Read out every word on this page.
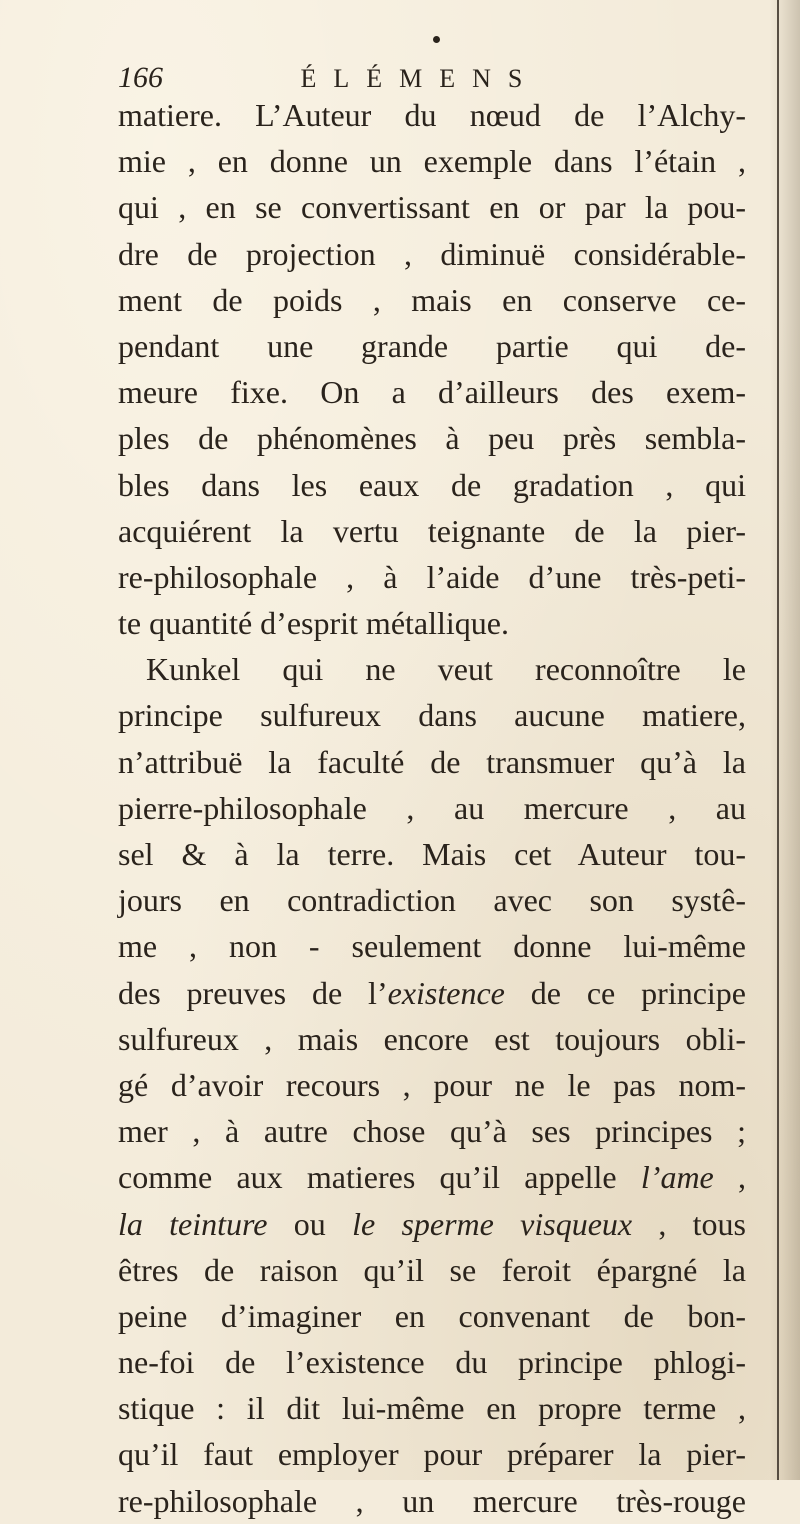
166	ÉLÉMENS
matiere. L’Auteur du nœud de l’Alchy-
mie , en donne un exemple dans l’étain ,
qui , en se convertissant en or par la pou-
dre de projection , diminuë considérable-
ment de poids , mais en conserve ce-
pendant une grande partie qui de-
meure fixe. On a d’ailleurs des exem-
ples de phénomènes à peu près sembla-
bles dans les eaux de gradation , qui
acquiérent la vertu teignante de la pier-
re-philosophale , à l’aide d’une très-peti-
te quantité d’esprit métallique.
Kunkel qui ne veut reconnoître le
principe sulfureux dans aucune matiere,
n’attribuë la faculté de transmuer qu’à la
pierre-philosophale , au mercure , au
sel & à la terre. Mais cet Auteur tou-
jours en contradiction avec son systê-
me , non - seulement donne lui-même
des preuves de l’existence de ce principe
sulfureux , mais encore est toujours obli-
gé d’avoir recours , pour ne le pas nom-
mer , à autre chose qu’à ses principes ;
comme aux matieres qu’il appelle l’ame ,
la teinture ou le sperme visqueux , tous
êtres de raison qu’il se feroit épargné la
peine d’imaginer en convenant de bon-
ne-foi de l’existence du principe phlogi-
stique : il dit lui-même en propre terme ,
qu’il faut employer pour préparer la pier-
re-philosophale , un mercure très-rouge
